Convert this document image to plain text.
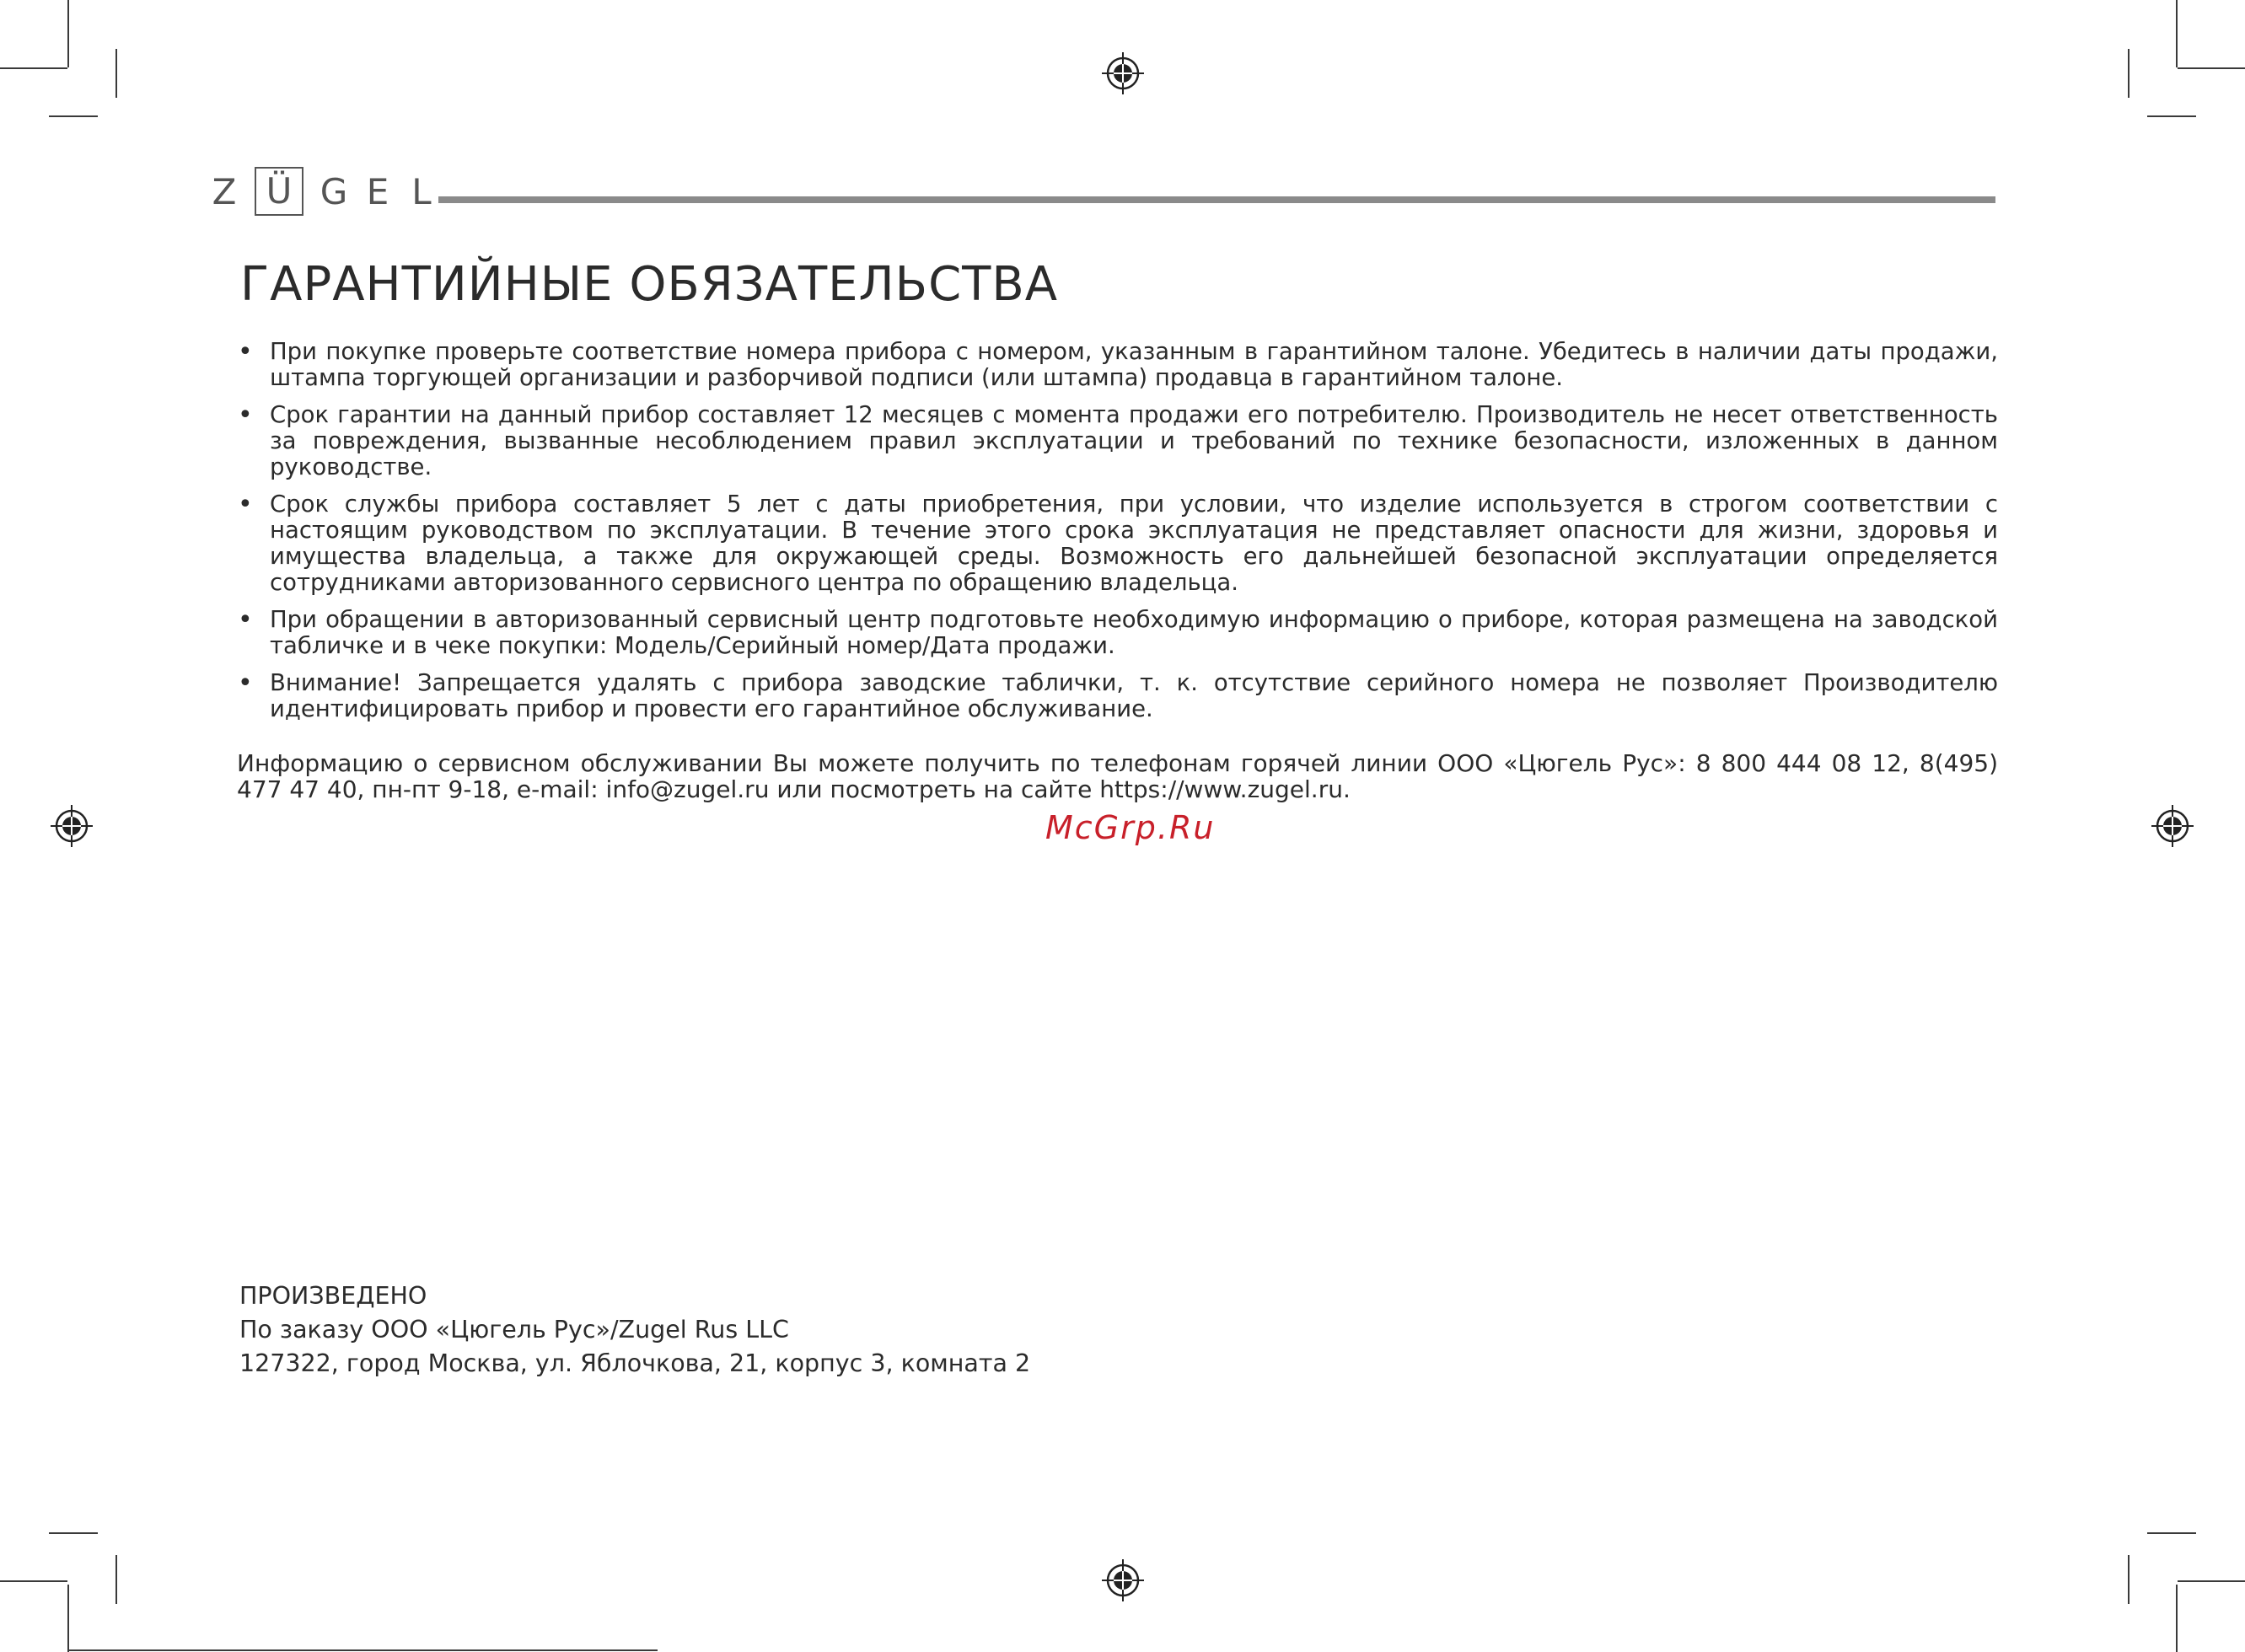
Z Ü G E L
ГАРАНТИЙНЫЕ ОБЯЗАТЕЛЬСТВА
• При покупке проверьте соответствие номера прибора с номером, указанным в гарантийном талоне. Убедитесь в наличии даты продажи, штампа торгующей организации и разборчивой подписи (или штампа) продавца в гарантийном талоне.
• Срок гарантии на данный прибор составляет 12 месяцев с момента продажи его потребителю. Производитель не несет ответственность за повреждения, вызванные несоблюдением правил эксплуатации и требований по технике безопасности, изложенных в данном руководстве.
• Срок службы прибора составляет 5 лет с даты приобретения, при условии, что изделие используется в строгом соответствии с настоящим руководством по эксплуатации. В течение этого срока эксплуатация не представляет опасности для жизни, здоровья и имущества владельца, а также для окружающей среды. Возможность его дальнейшей безопасной эксплуатации определяется сотрудниками авторизованного сервисного центра по обращению владельца.
• При обращении в авторизованный сервисный центр подготовьте необходимую информацию о приборе, которая размещена на заводской табличке и в чеке покупки: Модель/Серийный номер/Дата продажи.
• Внимание! Запрещается удалять с прибора заводские таблички, т. к. отсутствие серийного номера не позволяет Производителю идентифицировать прибор и провести его гарантийное обслуживание.
Информацию о сервисном обслуживании Вы можете получить по телефонам горячей линии ООО «Цюгель Рус»: 8 800 444 08 12, 8(495) 477 47 40, пн-пт 9-18, e-mail: info@zugel.ru или посмотреть на сайте https://www.zugel.ru.
McGrp.Ru
ПРОИЗВЕДЕНО
По заказу ООО «Цюгель Рус»/Zugel Rus LLC
127322, город Москва, ул. Яблочкова, 21, корпус 3, комната 2
